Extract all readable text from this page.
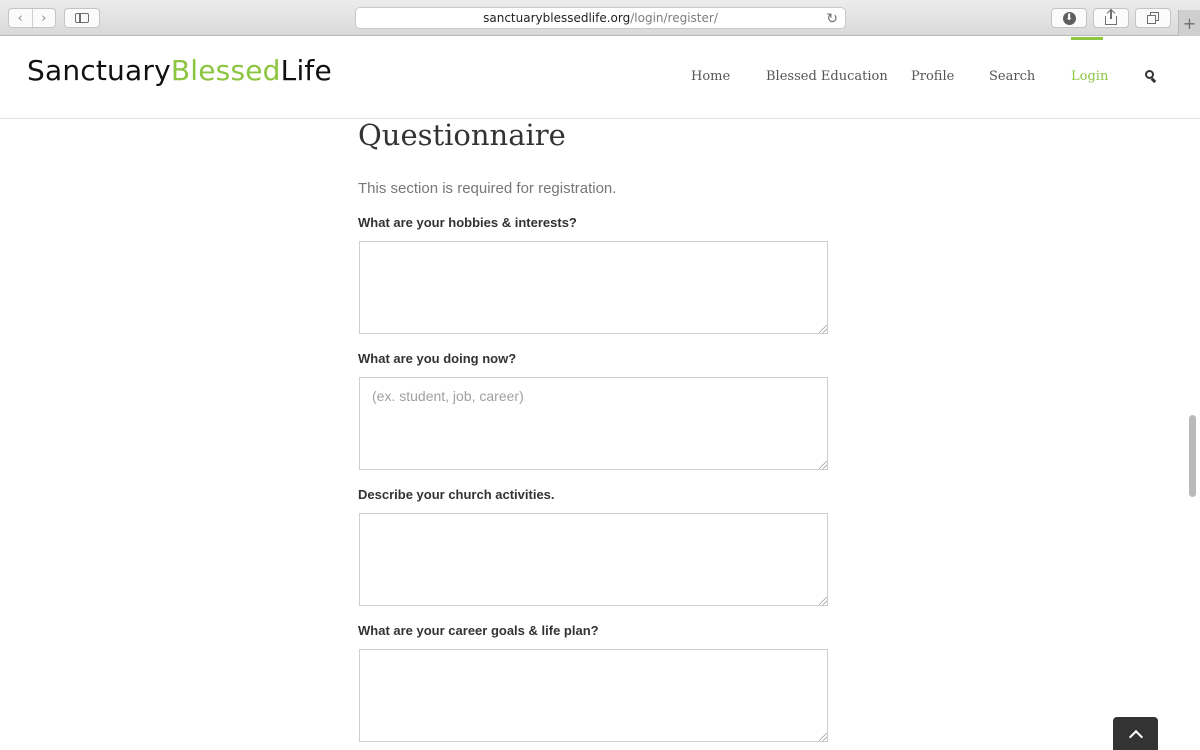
‹ ›	sanctuaryblessedlife.org /login/register/	↻	⬇	+
SanctuaryBlessedLife	Home	Blessed Education Profile	Search	Login
Questionnaire

This section is required for registration.

What are your hobbies & interests?
What are you doing now?
(ex. student, job, career)
Describe your church activities.
What are your career goals & life plan?
